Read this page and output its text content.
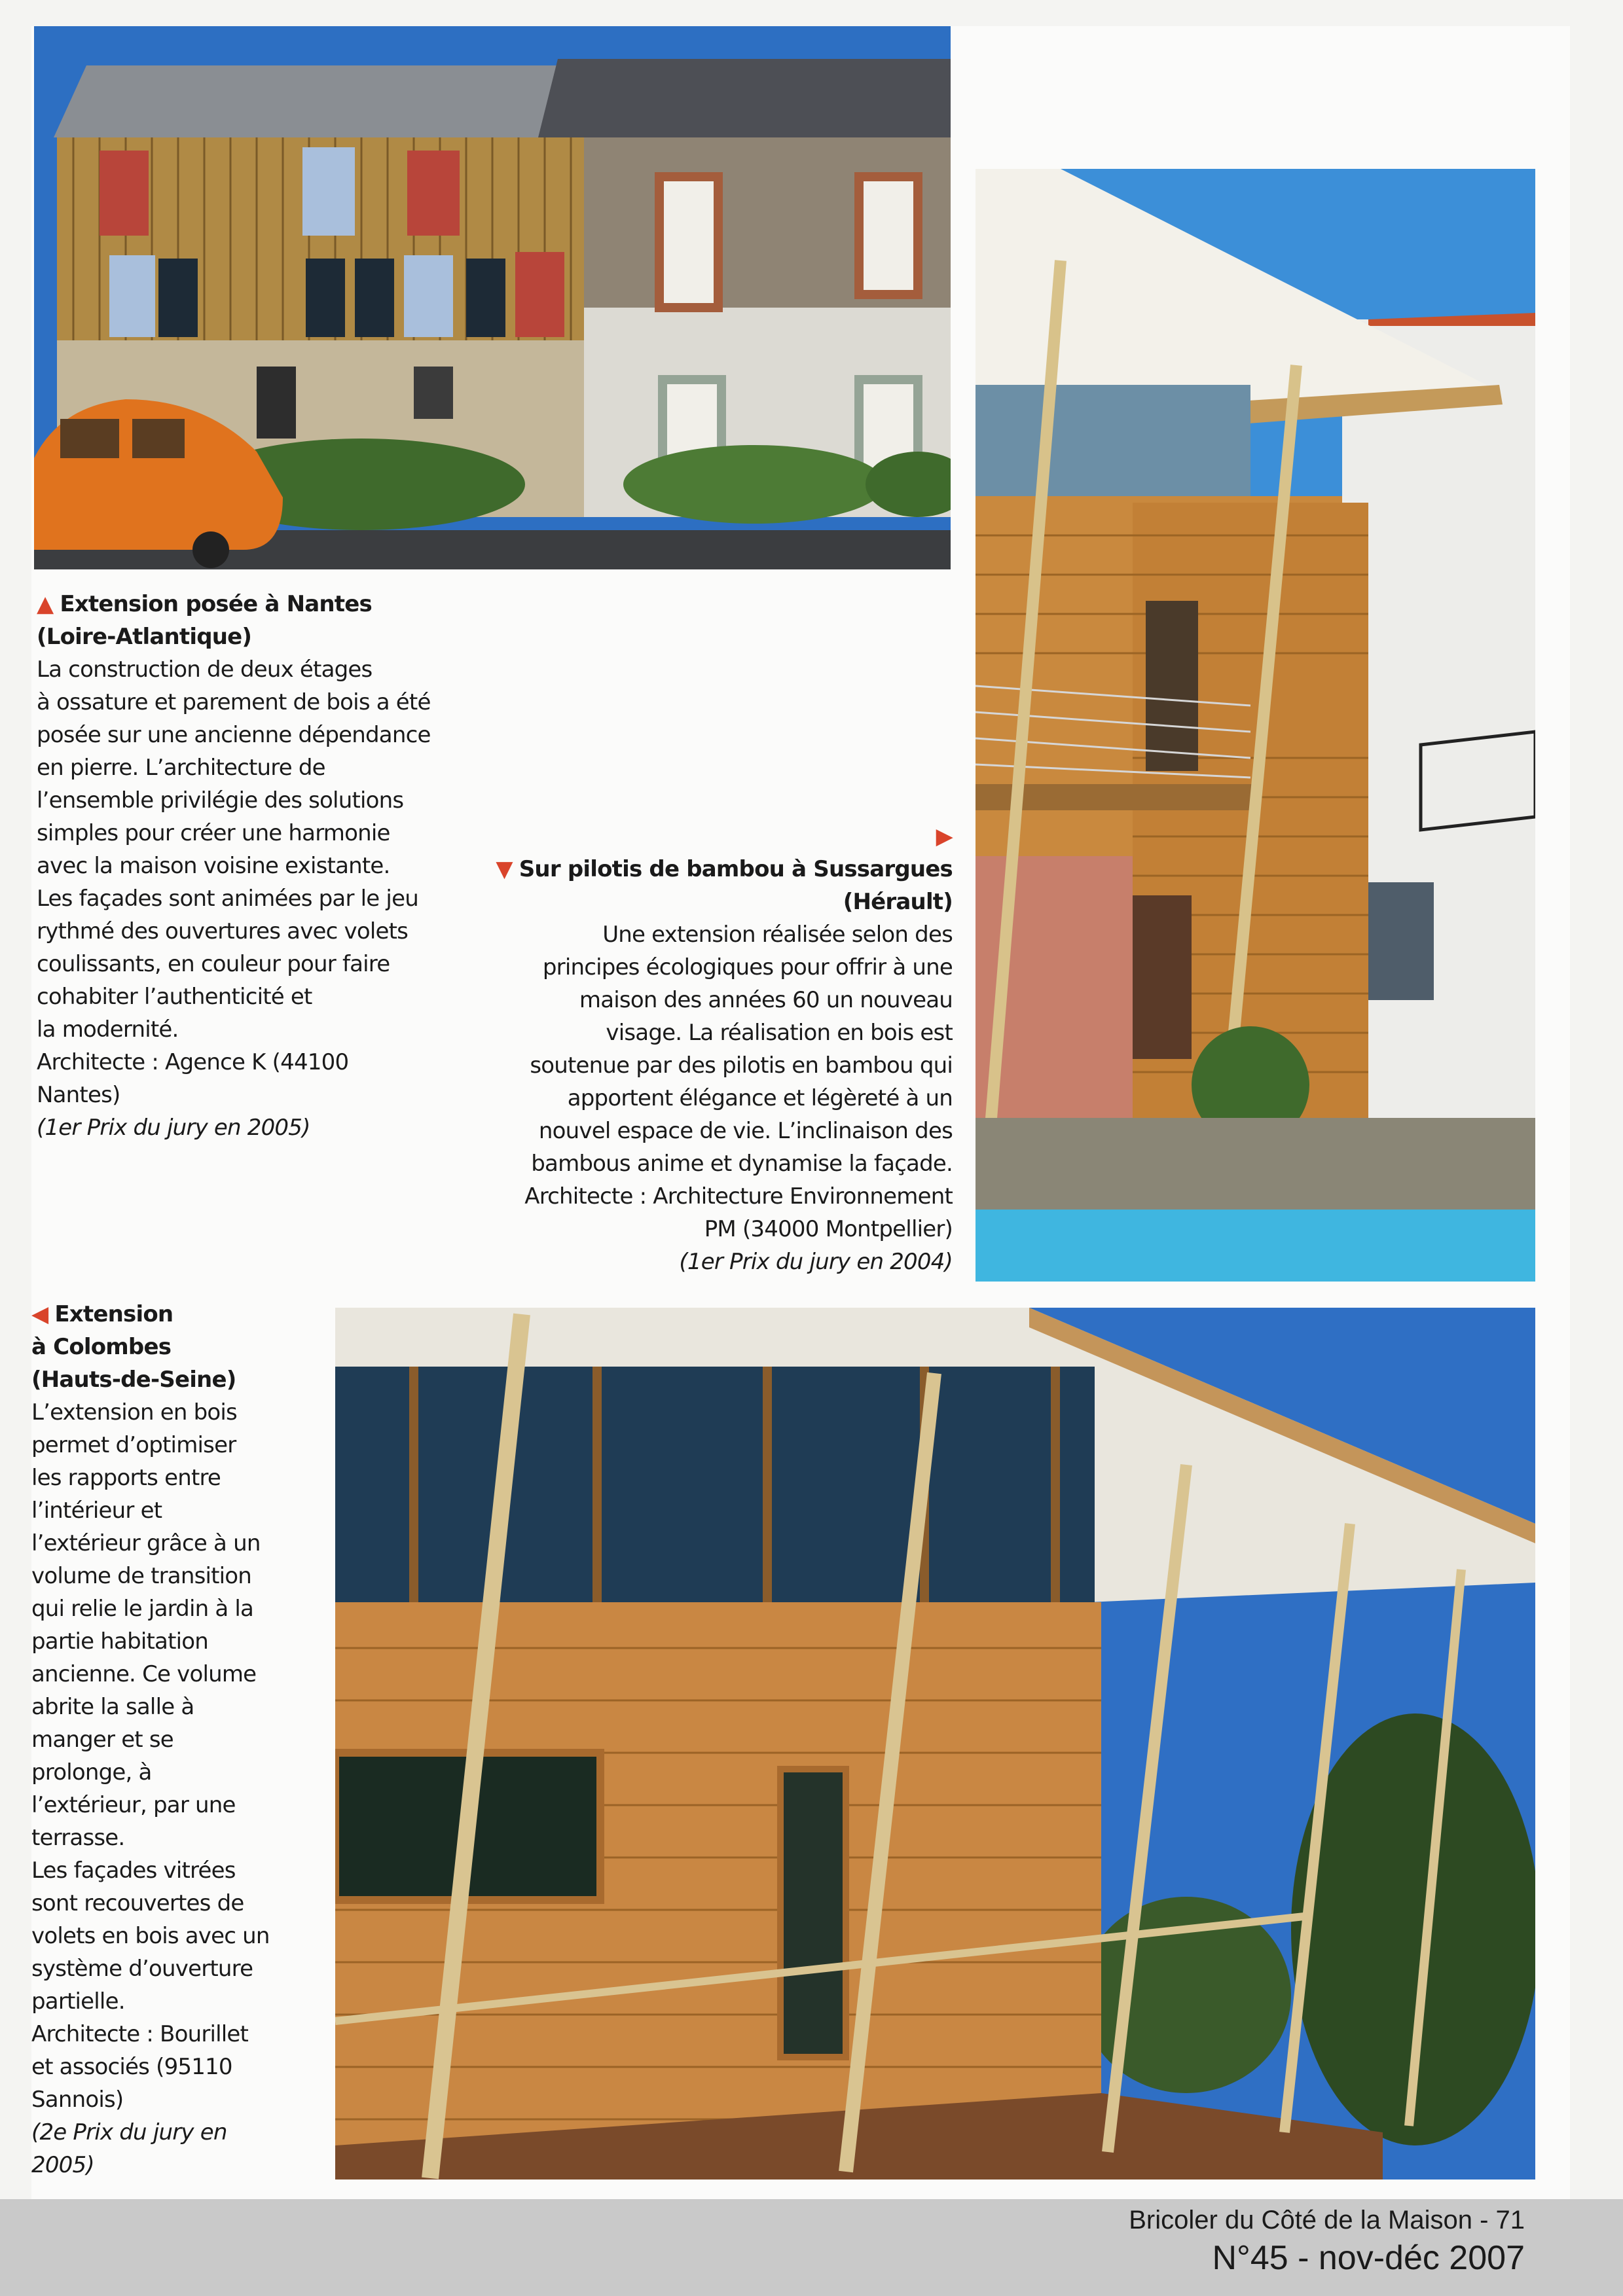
▲ Extension posée à Nantes
(Loire-Atlantique)
La construction de deux étages
à ossature et parement de bois a été
posée sur une ancienne dépendance
en pierre. L’architecture de
l’ensemble privilégie des solutions
simples pour créer une harmonie
avec la maison voisine existante.
Les façades sont animées par le jeu
rythmé des ouvertures avec volets
coulissants, en couleur pour faire
cohabiter l’authenticité et
la modernité.
Architecte : Agence K (44100
Nantes)
(1er Prix du jury en 2005)
▶
▼ Sur pilotis de bambou à Sussargues
(Hérault)
Une extension réalisée selon des
principes écologiques pour offrir à une
maison des années 60 un nouveau
visage. La réalisation en bois est
soutenue par des pilotis en bambou qui
apportent élégance et légèreté à un
nouvel espace de vie. L’inclinaison des
bambous anime et dynamise la façade.
Architecte : Architecture Environnement
PM (34000 Montpellier)
(1er Prix du jury en 2004)
◀ Extension
à Colombes
(Hauts-de-Seine)
L’extension en bois
permet d’optimiser
les rapports entre
l’intérieur et
l’extérieur grâce à un
volume de transition
qui relie le jardin à la
partie habitation
ancienne. Ce volume
abrite la salle à
manger et se
prolonge, à
l’extérieur, par une
terrasse.
Les façades vitrées
sont recouvertes de
volets en bois avec un
système d’ouverture
partielle.
Architecte : Bourillet
et associés (95110
Sannois)
(2e Prix du jury en
2005)
Bricoler du Côté de la Maison - 71
N°45 - nov-déc 2007
